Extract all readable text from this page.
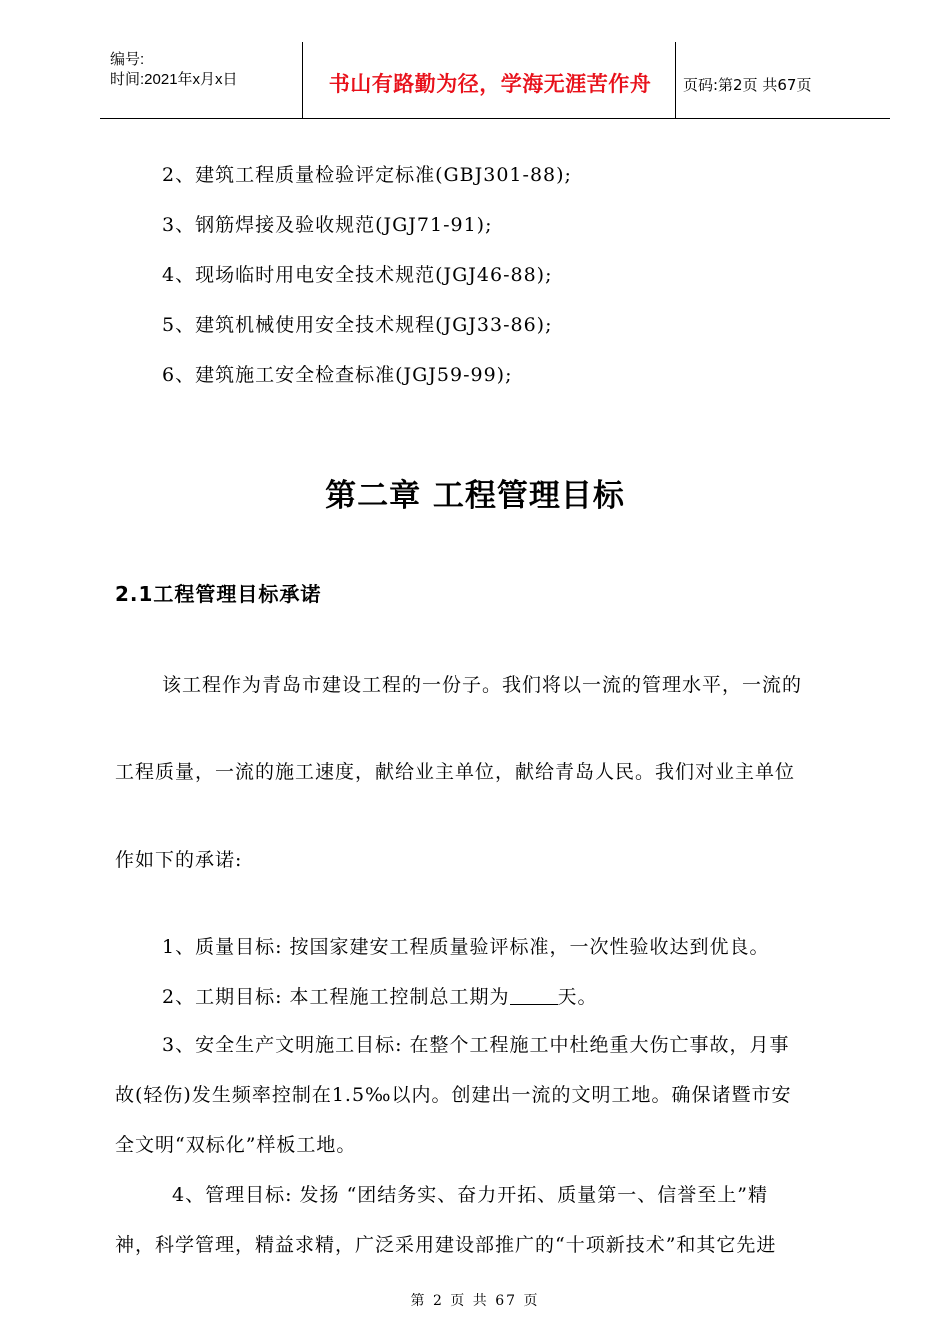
编号:
时间:2021年x月x日	书山有路勤为径，学海无涯苦作舟	页码:第2页 共67页
2、建筑工程质量检验评定标准(GBJ301-88);
3、钢筋焊接及验收规范(JGJ71-91);
4、现场临时用电安全技术规范(JGJ46-88);
5、建筑机械使用安全技术规程(JGJ33-86);
6、建筑施工安全检查标准(JGJ59-99);
第二章 工程管理目标
2.1工程管理目标承诺
该工程作为青岛市建设工程的一份子。我们将以一流的管理水平，一流的
工程质量，一流的施工速度，献给业主单位，献给青岛人民。我们对业主单位
作如下的承诺:
1、质量目标: 按国家建安工程质量验评标准，一次性验收达到优良。
2、工期目标: 本工程施工控制总工期为	天。
3、安全生产文明施工目标: 在整个工程施工中杜绝重大伤亡事故，月事
故(轻伤)发生频率控制在1.5‰以内。创建出一流的文明工地。确保诸暨市安
全文明“双标化”样板工地。
4、管理目标: 发扬 “团结务实、奋力开拓、质量第一、信誉至上”精
神，科学管理，精益求精，广泛采用建设部推广的“十项新技术”和其它先进
第 2 页 共 67 页
